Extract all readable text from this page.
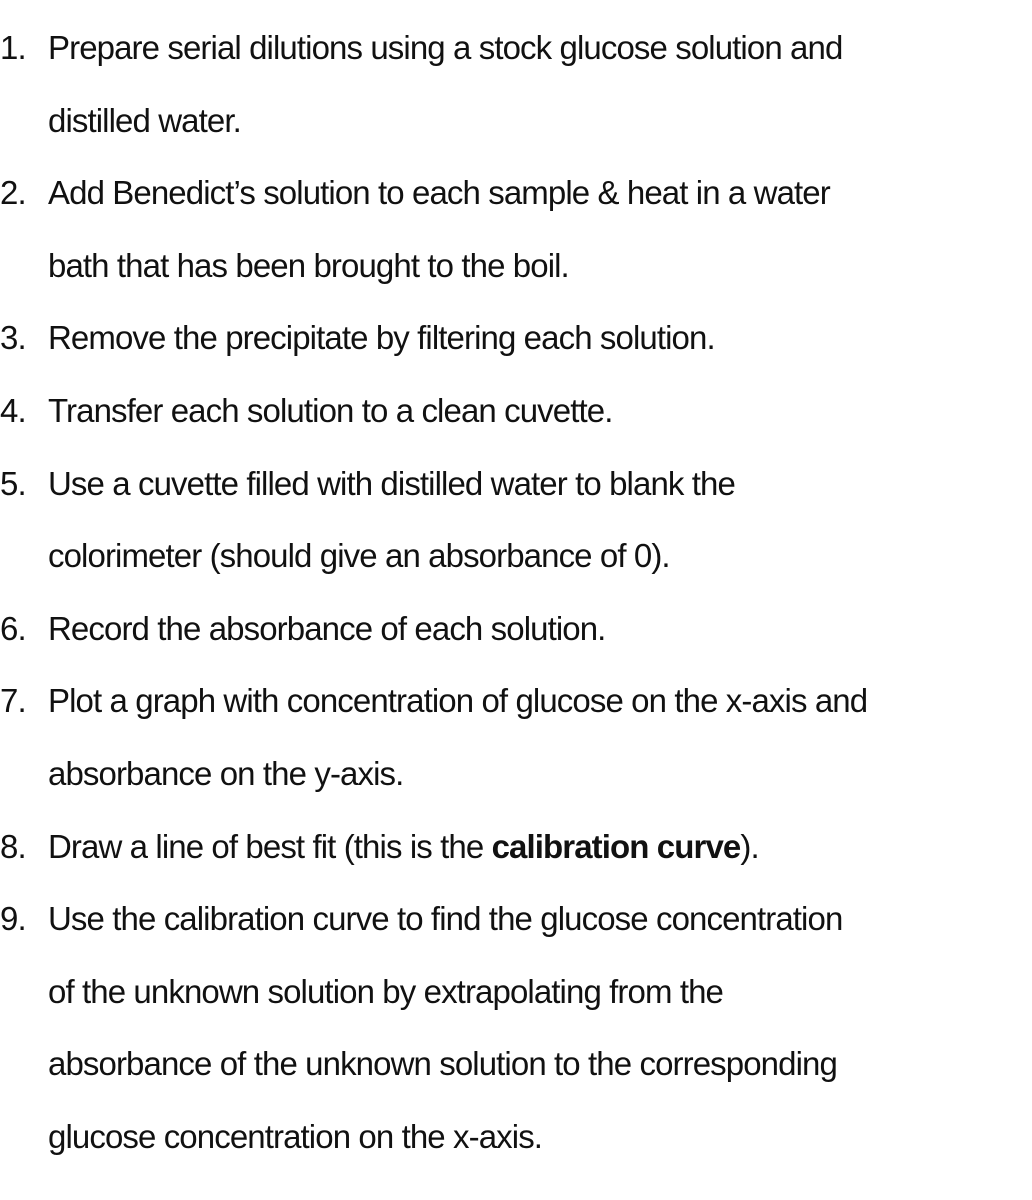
1. Prepare serial dilutions using a stock glucose solution and
distilled water.
2. Add Benedict’s solution to each sample & heat in a water
bath that has been brought to the boil.
3. Remove the precipitate by filtering each solution.
4. Transfer each solution to a clean cuvette.
5. Use a cuvette filled with distilled water to blank the
colorimeter (should give an absorbance of 0).
6. Record the absorbance of each solution.
7. Plot a graph with concentration of glucose on the x-axis and
absorbance on the y-axis.
8. Draw a line of best fit (this is the calibration curve).
9. Use the calibration curve to find the glucose concentration
of the unknown solution by extrapolating from the
absorbance of the unknown solution to the corresponding
glucose concentration on the x-axis.
